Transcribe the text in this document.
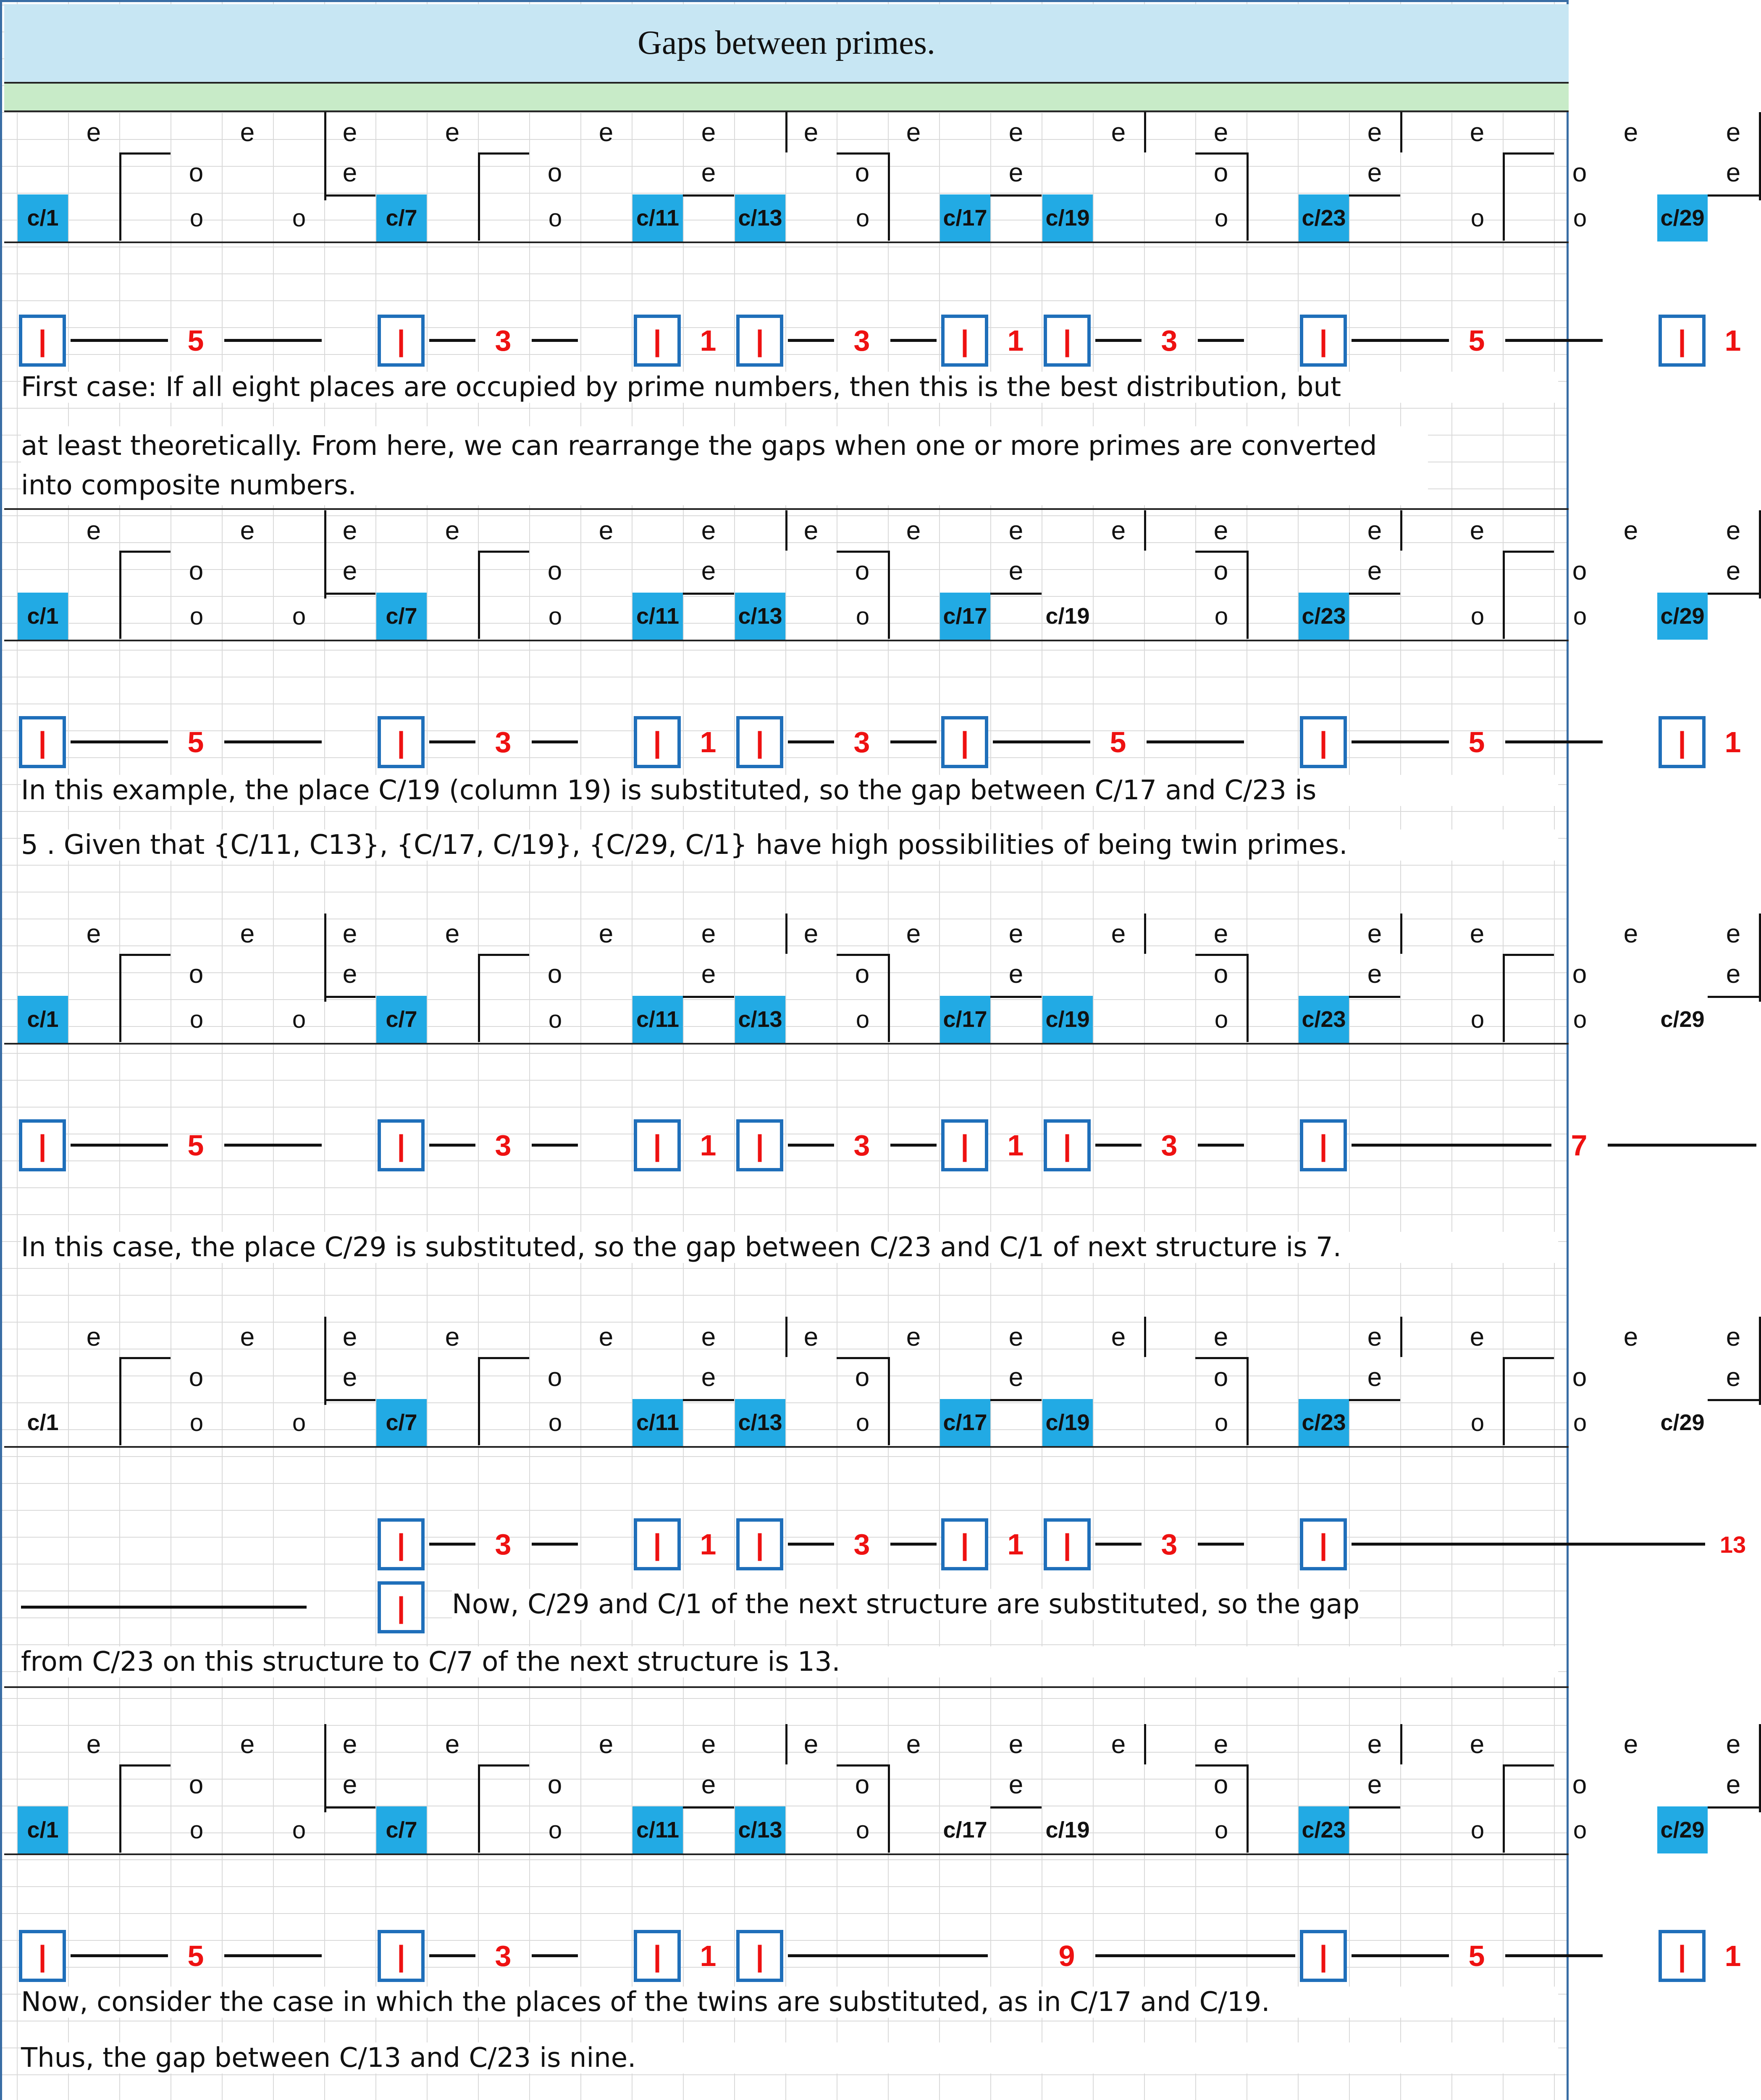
Gaps between primes.
e	e	e	e	e	e	e	e	e	e	e	e	e	e	e
o	o	o	o	o
e	e	e	e	e
c/1	o	o	c/7	o	c/11	c/13	o	c/17	c/19	o	c/23	o	o	c/29
|	5	|	3	|	1	|	3	|	1	|	3	|	5	|	1
First case: If all eight places are occupied by prime numbers, then this is the best distribution, but
at least theoretically. From here, we can rearrange the gaps when one or more primes are converted into composite numbers.
e	e	e	e	e	e	e	e	e	e	e	e	e	e	e
o	o	o	o	o
e	e	e	e	e
c/1	o	o	c/7	o	c/11	c/13	o	c/17	c/19	o	c/23	o	o	c/29
|	5	|	3	|	1	|	3	|	5	|	5	|	1
In this example, the place C/19 (column 19) is substituted, so the gap between C/17 and C/23 is
5 . Given that {C/11, C13}, {C/17, C/19}, {C/29, C/1} have high possibilities of being twin primes.
e	e	e	e	e	e	e	e	e	e	e	e	e	e	e
o	o	o	o	o
e	e	e	e	e
c/1	o	o	c/7	o	c/11	c/13	o	c/17	c/19	o	c/23	o	o	c/29
|	5	|	3	|	1	|	3	|	1	|	3	|	7
In this case, the place C/29 is substituted, so the gap between C/23 and C/1 of next structure is 7.
e	e	e	e	e	e	e	e	e	e	e	e	e	e	e
o	o	o	o	o
e	e	e	e	e
c/1	o	o	c/7	o	c/11	c/13	o	c/17	c/19	o	c/23	o	o	c/29
|	3	|	1	|	3	|	1	|	3	|	13
|	Now, C/29 and C/1 of the next structure are substituted, so the gap
from C/23 on this structure to C/7 of the next structure is 13.
e	e	e	e	e	e	e	e	e	e	e	e	e	e	e
o	o	o	o	o
e	e	e	e	e
c/1	o	o	c/7	o	c/11	c/13	o	c/17	c/19	o	c/23	o	o	c/29
|	5	|	3	|	1	|	9	|	5	|	1
Now, consider the case in which the places of the twins are substituted, as in C/17 and C/19.
Thus, the gap between C/13 and C/23 is nine.
